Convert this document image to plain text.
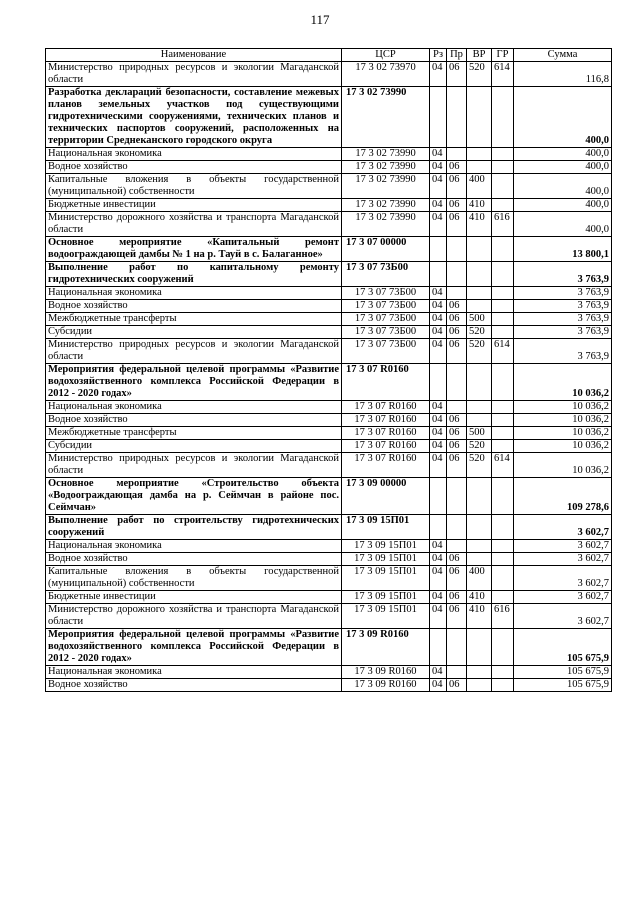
117
Наименование	ЦСР	Рз	Пр	ВР	ГР	Сумма
Министерство природных ресурсов и экологии Магаданской области	17 3 02 73970	04	06	520	614	116,8
Разработка деклараций безопасности, составление межевых планов земельных участков под существующими гидротехническими сооружениями, технических планов и технических паспортов сооружений, расположенных на территории Среднеканского городского округа	17 3 02 73990					400,0
Национальная экономика	17 3 02 73990	04				400,0
Водное хозяйство	17 3 02 73990	04	06			400,0
Капитальные вложения в объекты государственной (муниципальной) собственности	17 3 02 73990	04	06	400		400,0
Бюджетные инвестиции	17 3 02 73990	04	06	410		400,0
Министерство дорожного хозяйства и транспорта Магаданской области	17 3 02 73990	04	06	410	616	400,0
Основное мероприятие «Капитальный ремонт водоограждающей дамбы № 1 на р. Тауй в с. Балаганное»	17 3 07 00000					13 800,1
Выполнение работ по капитальному ремонту гидротехнических сооружений	17 3 07 73Б00					3 763,9
Национальная экономика	17 3 07 73Б00	04				3 763,9
Водное хозяйство	17 3 07 73Б00	04	06			3 763,9
Межбюджетные трансферты	17 3 07 73Б00	04	06	500		3 763,9
Субсидии	17 3 07 73Б00	04	06	520		3 763,9
Министерство природных ресурсов и экологии Магаданской области	17 3 07 73Б00	04	06	520	614	3 763,9
Мероприятия федеральной целевой программы «Развитие водохозяйственного комплекса Российской Федерации в 2012 - 2020 годах»	17 3 07 R0160					10 036,2
Национальная экономика	17 3 07 R0160	04				10 036,2
Водное хозяйство	17 3 07 R0160	04	06			10 036,2
Межбюджетные трансферты	17 3 07 R0160	04	06	500		10 036,2
Субсидии	17 3 07 R0160	04	06	520		10 036,2
Министерство природных ресурсов и экологии Магаданской области	17 3 07 R0160	04	06	520	614	10 036,2
Основное мероприятие «Строительство объекта «Водоограждающая дамба на р. Сеймчан в районе пос. Сеймчан»	17 3 09 00000					109 278,6
Выполнение работ по строительству гидротехнических сооружений	17 3 09 15П01					3 602,7
Национальная экономика	17 3 09 15П01	04				3 602,7
Водное хозяйство	17 3 09 15П01	04	06			3 602,7
Капитальные вложения в объекты государственной (муниципальной) собственности	17 3 09 15П01	04	06	400		3 602,7
Бюджетные инвестиции	17 3 09 15П01	04	06	410		3 602,7
Министерство дорожного хозяйства и транспорта Магаданской области	17 3 09 15П01	04	06	410	616	3 602,7
Мероприятия федеральной целевой программы «Развитие водохозяйственного комплекса Российской Федерации в 2012 - 2020 годах»	17 3 09 R0160					105 675,9
Национальная экономика	17 3 09 R0160	04				105 675,9
Водное хозяйство	17 3 09 R0160	04	06			105 675,9
